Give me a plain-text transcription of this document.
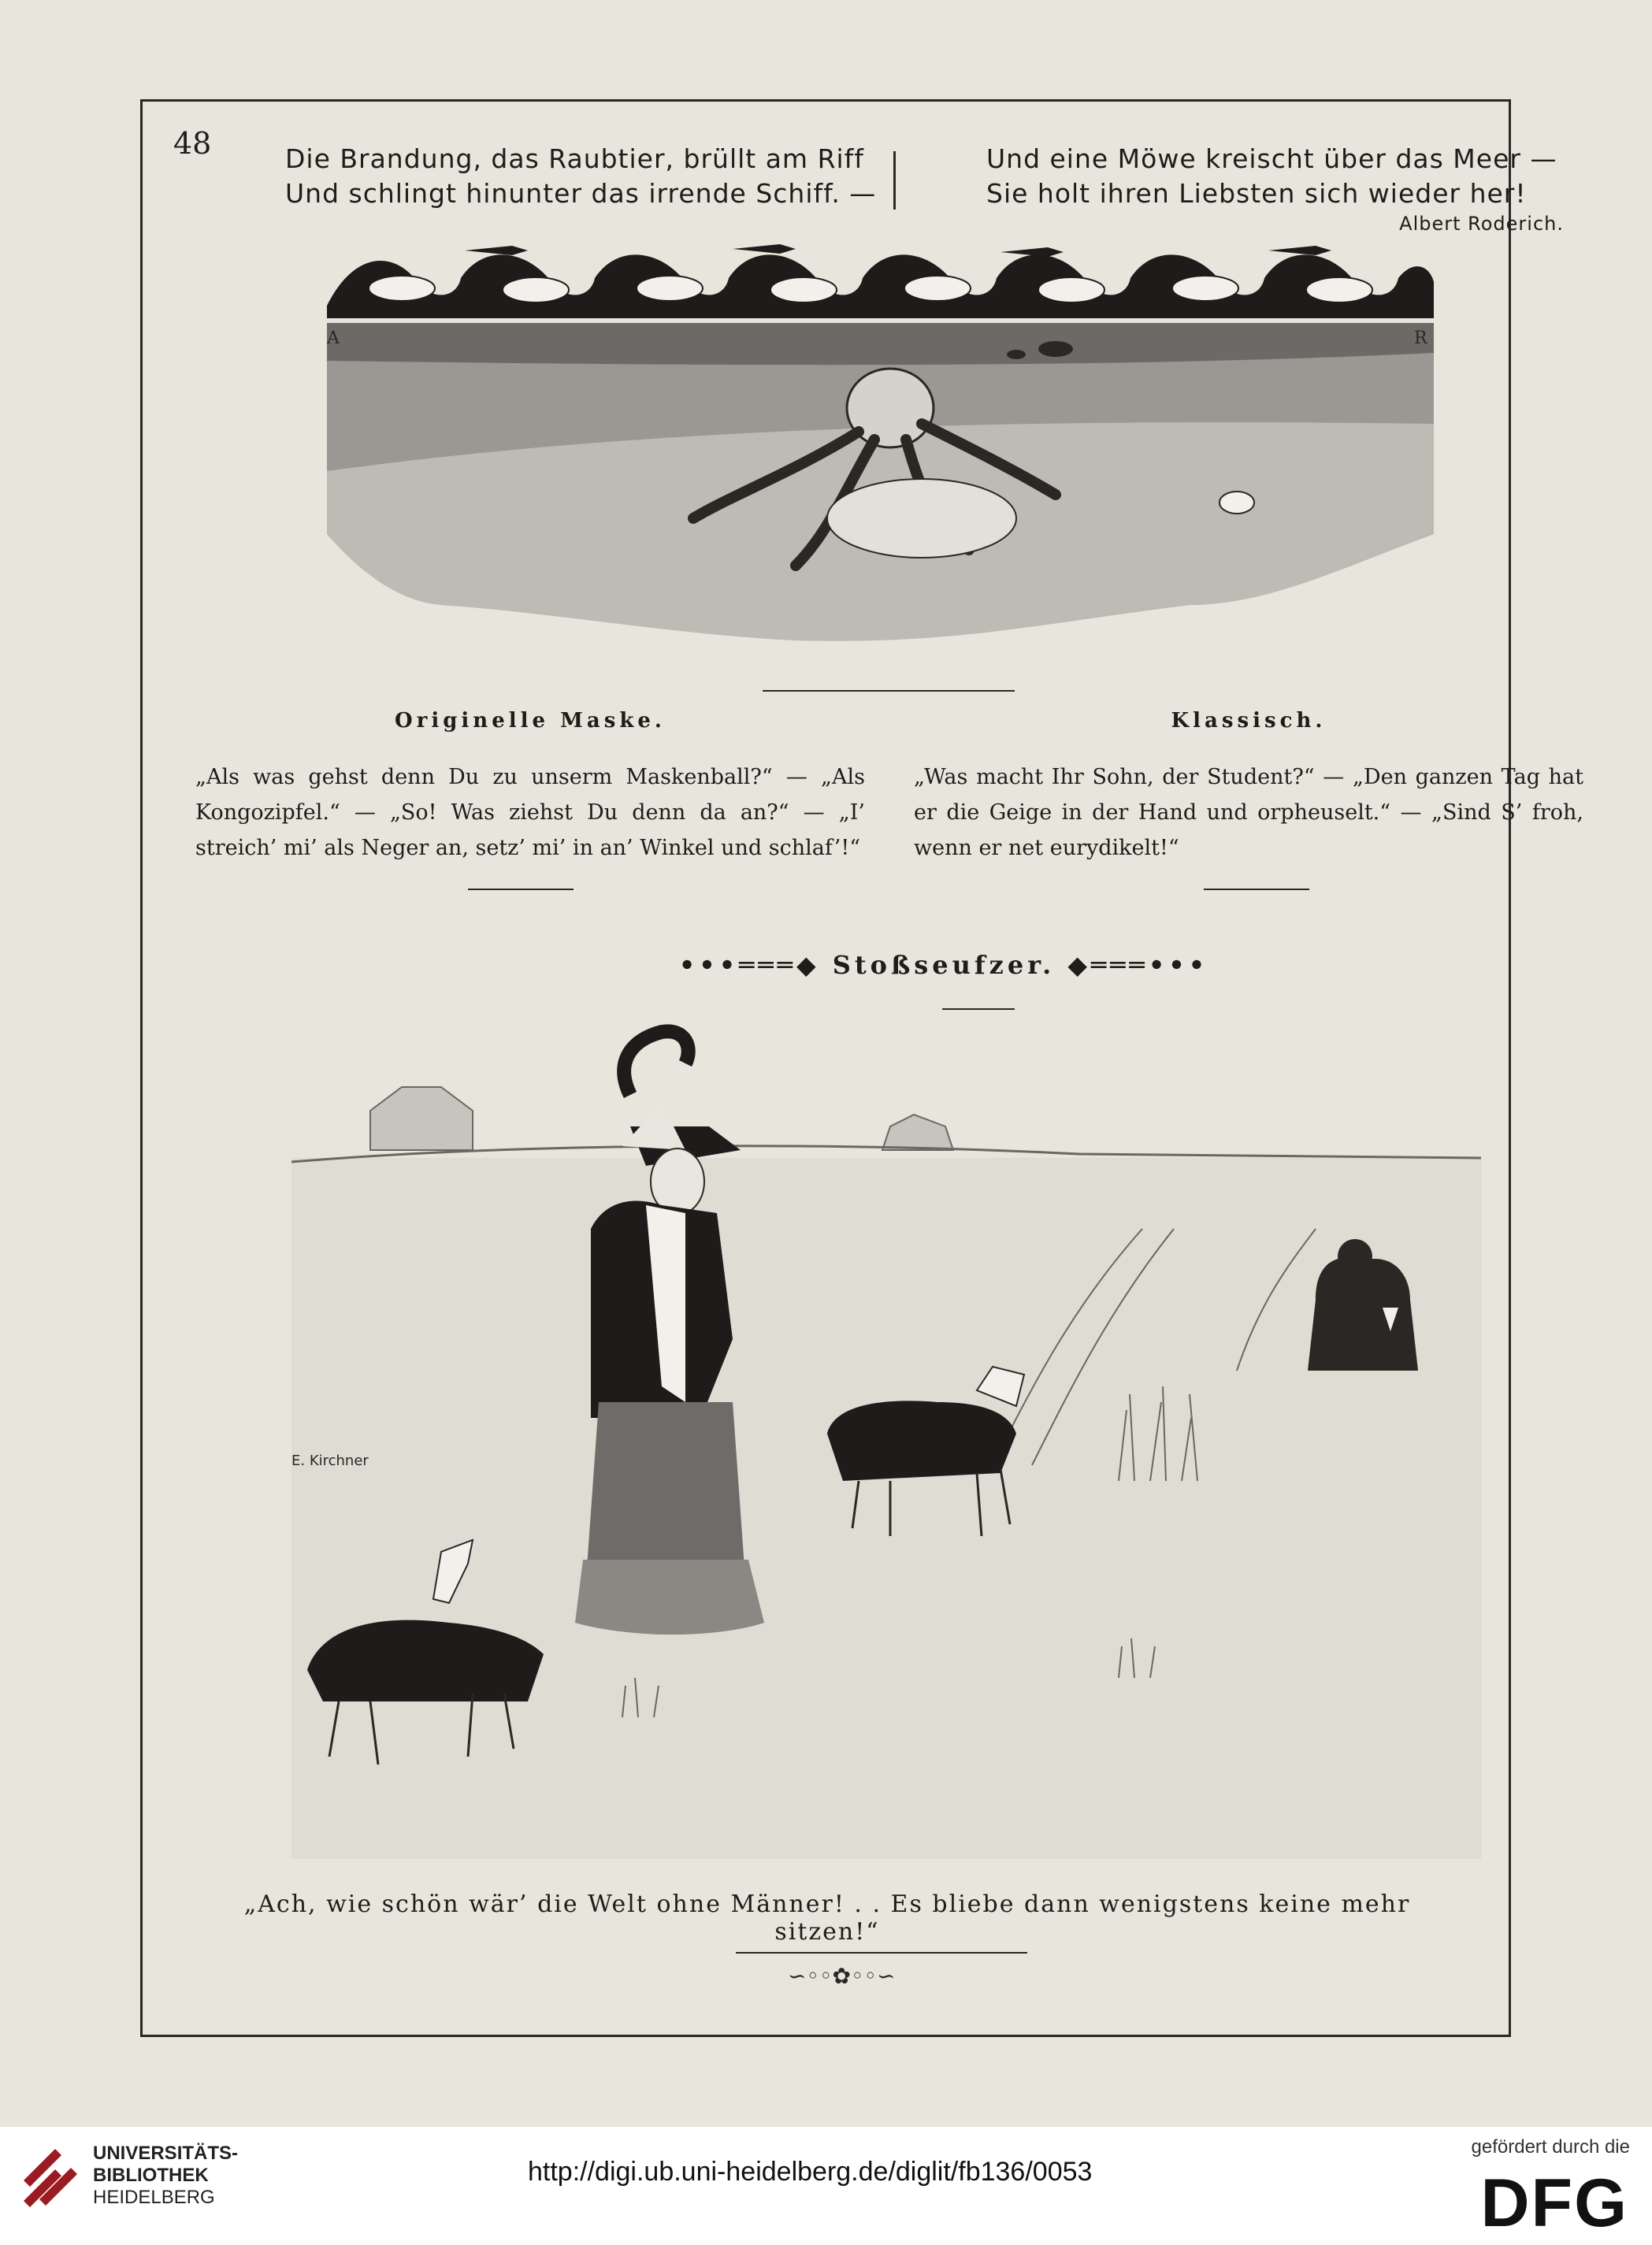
48	Die Brandung, das Raubtier, brüllt am Riff
Und schlingt hinunter das irrende Schiff. —
Und eine Möwe kreischt über das Meer —
Sie holt ihren Liebsten sich wieder her!
Albert Roderich.
A	R
Originelle Maske.
„Als was gehst denn Du zu unserm Maskenball?“ — „Als Kongozipfel.“ — „So! Was ziehst Du denn da an?“ — „I’ streich’ mi’ als Neger an, setz’ mi’ in an’ Winkel und schlaf’!“
Klassisch.
„Was macht Ihr Sohn, der Student?“ — „Den ganzen Tag hat er die Geige in der Hand und orpheuselt.“ — „Sind S’ froh, wenn er net eurydikelt!“
•••═══◆ Stoßseufzer. ◆═══•••
E. Kirchner
„Ach, wie schön wär’ die Welt ohne Männer! . . Es bliebe dann wenigstens keine mehr sitzen!“
∽◦◦✿◦◦∽
UNIVERSITÄTS-
BIBLIOTHEK
HEIDELBERG
http://digi.ub.uni-heidelberg.de/diglit/fb136/0053
gefördert durch die
DFG
